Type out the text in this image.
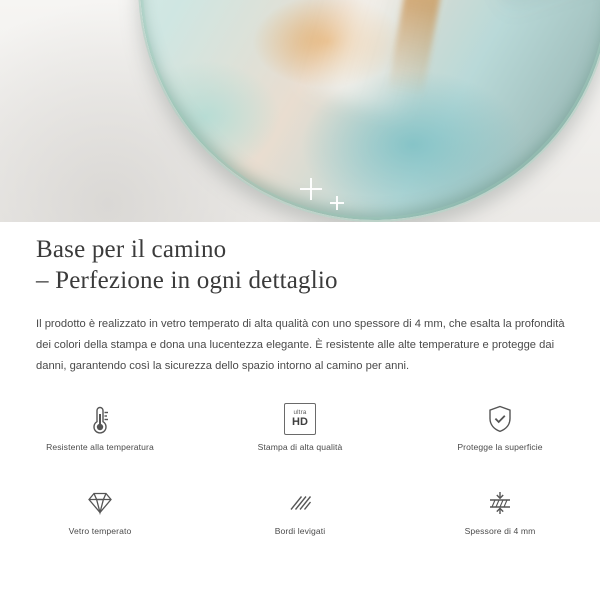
Base per il camino
– Perfezione in ogni dettaglio

Il prodotto è realizzato in vetro temperato di alta qualità con uno spessore di 4 mm, che esalta la profondità dei colori della stampa e dona una lucentezza elegante. È resistente alle alte temperature e protegge dai danni, garantendo così la sicurezza dello spazio intorno al camino per anni.

Resistente alla temperatura
ultra
HD
Stampa di alta qualità	Protegge la superficie
Vetro temperato	Bordi levigati	Spessore di 4 mm
